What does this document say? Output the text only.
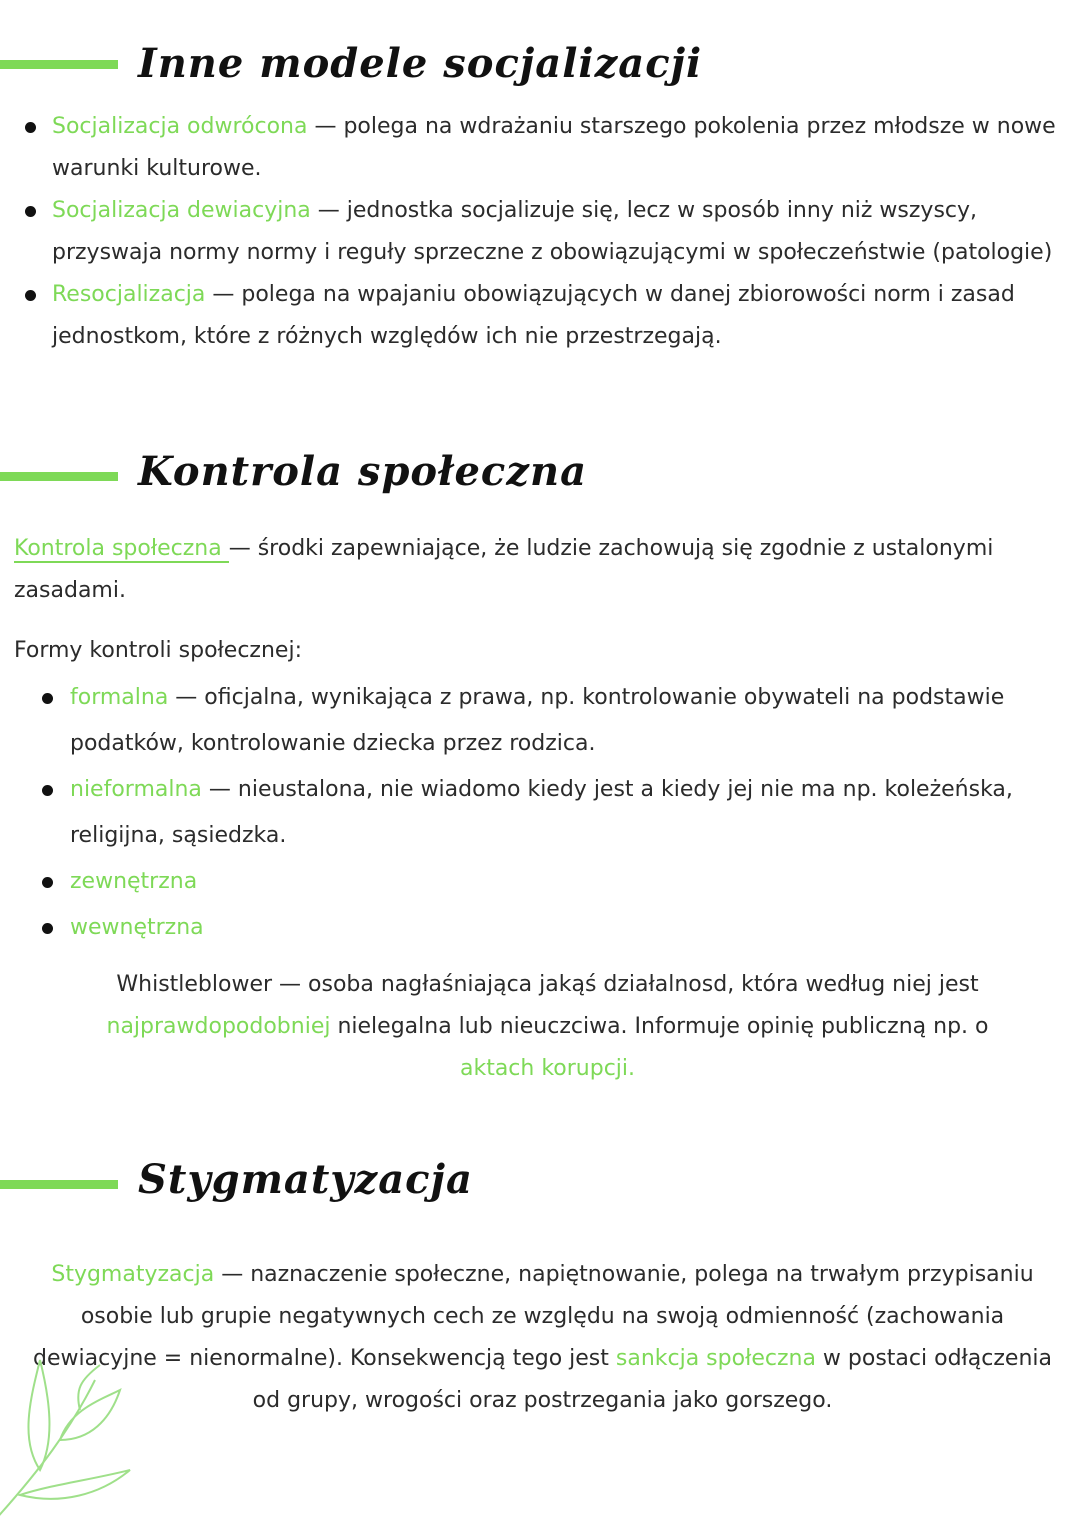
Inne modele socjalizacji
Socjalizacja odwrócona — polega na wdrażaniu starszego pokolenia przez młodsze w nowe warunki kulturowe.
Socjalizacja dewiacyjna — jednostka socjalizuje się, lecz w sposób inny niż wszyscy, przyswaja normy normy i reguły sprzeczne z obowiązującymi w społeczeństwie (patologie)
Resocjalizacja — polega na wpajaniu obowiązujących w danej zbiorowości norm i zasad jednostkom, które z różnych względów ich nie przestrzegają.
Kontrola społeczna

Kontrola społeczna — środki zapewniające, że ludzie zachowują się zgodnie z ustalonymi zasadami.

Formy kontroli społecznej:

formalna — oficjalna, wynikająca z prawa, np. kontrolowanie obywateli na podstawie podatków, kontrolowanie dziecka przez rodzica.
nieformalna — nieustalona, nie wiadomo kiedy jest a kiedy jej nie ma np. koleżeńska, religijna, sąsiedzka.
zewnętrzna
wewnętrzna

Whistleblower — osoba nagłaśniająca jakąś działalnosd, która według niej jest najprawdopodobniej nielegalna lub nieuczciwa. Informuje opinię publiczną np. o aktach korupcji.

Stygmatyzacja

Stygmatyzacja — naznaczenie społeczne, napiętnowanie, polega na trwałym przypisaniu osobie lub grupie negatywnych cech ze względu na swoją odmienność (zachowania dewiacyjne = nienormalne). Konsekwencją tego jest sankcja społeczna w postaci odłączenia od grupy, wrogości oraz postrzegania jako gorszego.
